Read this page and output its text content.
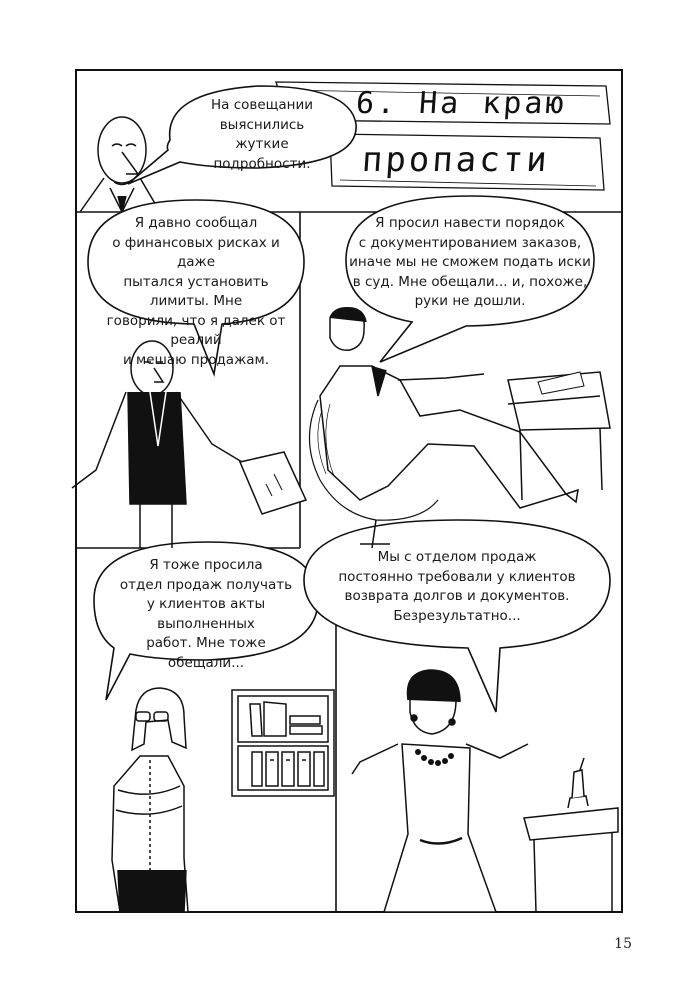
6. На краю
пропасти
На совещании
выяснились жуткие
подробности.
Я давно сообщал
о финансовых рисках и даже
пытался установить лимиты. Мне
говорили, что я далек от реалий
и мешаю продажам.
Я просил навести порядок
с документированием заказов,
иначе мы не сможем подать иски
в суд. Мне обещали... и, похоже,
руки не дошли.
Я тоже просила
отдел продаж получать
у клиентов акты выполненных
работ. Мне тоже
обещали...
Мы с отделом продаж
постоянно требовали у клиентов
возврата долгов и документов.
Безрезультатно...
15
